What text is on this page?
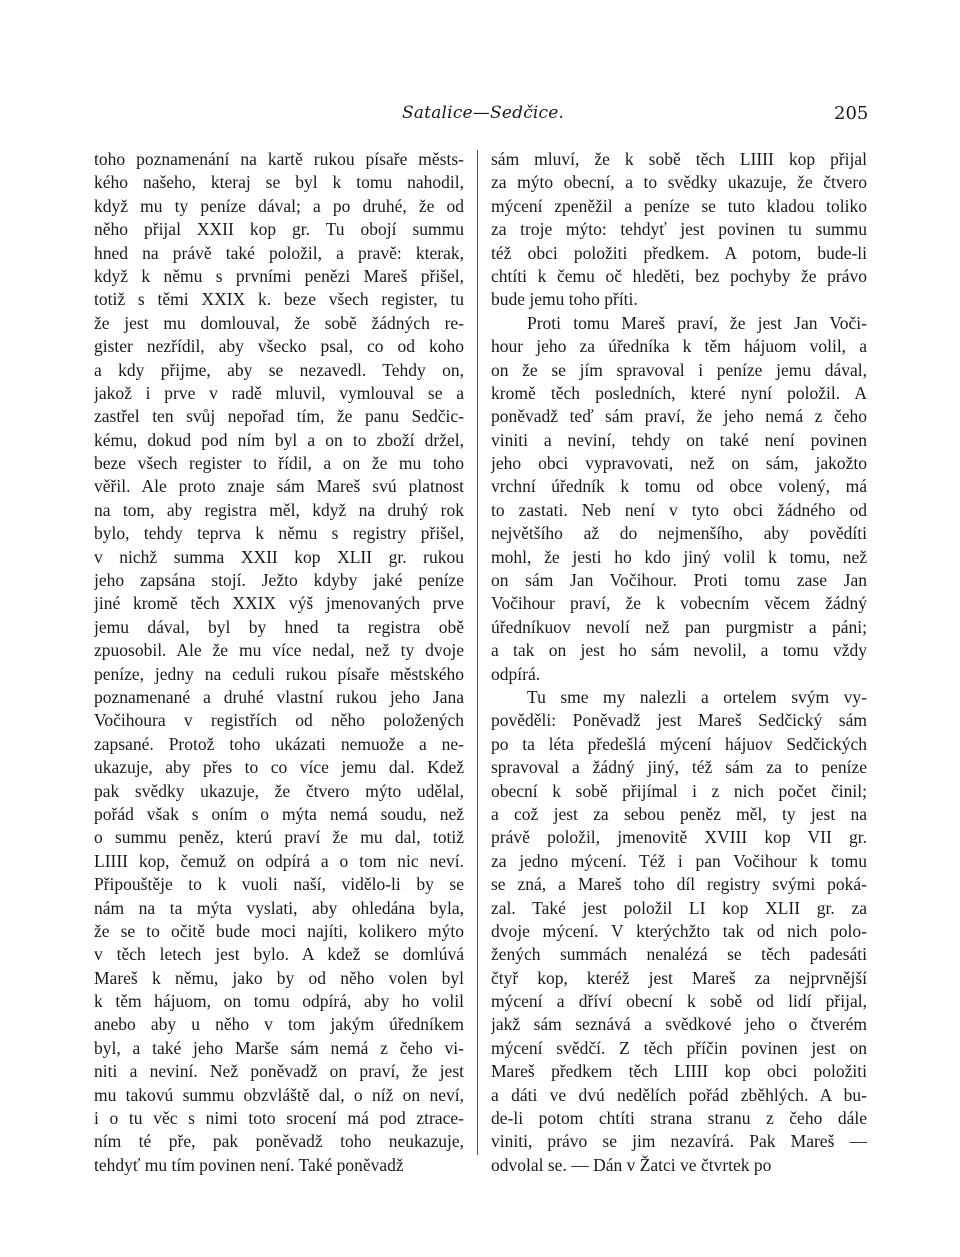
Satalice—Sedčice.	205
toho poznamenání na kartě rukou písaře městs-
kého našeho, kteraj se byl k tomu nahodil,
když mu ty peníze dával; a po druhé, že od
něho přijal XXII kop gr. Tu obojí summu
hned na právě také položil, a pravě: kterak,
když k němu s prvními penězi Mareš přišel,
totiž s těmi XXIX k. beze všech register, tu
že jest mu domlouval, že sobě žádných re-
gister nezřídil, aby všecko psal, co od koho
a kdy přijme, aby se nezavedl. Tehdy on,
jakož i prve v radě mluvil, vymlouval se a
zastřel ten svůj nepořad tím, že panu Sedčic-
kému, dokud pod ním byl a on to zboží držel,
beze všech register to řídil, a on že mu toho
věřil. Ale proto znaje sám Mareš svú platnost
na tom, aby registra měl, když na druhý rok
bylo, tehdy teprva k němu s registry přišel,
v nichž summa XXII kop XLII gr. rukou
jeho zapsána stojí. Ježto kdyby jaké peníze
jiné kromě těch XXIX výš jmenovaných prve
jemu dával, byl by hned ta registra obě
zpuosobil. Ale že mu více nedal, než ty dvoje
peníze, jedny na ceduli rukou písaře městského
poznamenané a druhé vlastní rukou jeho Jana
Vočihoura v registřích od něho položených
zapsané. Protož toho ukázati nemuože a ne-
ukazuje, aby přes to co více jemu dal. Kdež
pak svědky ukazuje, že čtvero mýto udělal,
pořád však s oním o mýta nemá soudu, než
o summu peněz, kterú praví že mu dal, totiž
LIIII kop, čemuž on odpírá a o tom nic neví.
Připouštěje to k vuoli naší, vidělo-li by se
nám na ta mýta vyslati, aby ohledána byla,
že se to očitě bude moci najíti, kolikero mýto
v těch letech jest bylo. A kdež se domlúvá
Mareš k němu, jako by od něho volen byl
k těm hájuom, on tomu odpírá, aby ho volil
anebo aby u něho v tom jakým úředníkem
byl, a také jeho Marše sám nemá z čeho vi-
niti a neviní. Než poněvadž on praví, že jest
mu takovú summu obzvláště dal, o níž on neví,
i o tu věc s nimi toto srocení má pod ztrace-
ním té pře, pak poněvadž toho neukazuje,
tehdyť mu tím povinen není. Také poněvadž
sám mluví, že k sobě těch LIIII kop přijal
za mýto obecní, a to svědky ukazuje, že čtvero
mýcení zpeněžil a peníze se tuto kladou toliko
za troje mýto: tehdyť jest povinen tu summu
též obci položiti předkem. A potom, bude-li
chtíti k čemu oč hleděti, bez pochyby že právo
bude jemu toho příti.
Proti tomu Mareš praví, že jest Jan Voči-
hour jeho za úředníka k těm hájuom volil, a
on že se jím spravoval i peníze jemu dával,
kromě těch posledních, které nyní položil. A
poněvadž teď sám praví, že jeho nemá z čeho
viniti a neviní, tehdy on také není povinen
jeho obci vypravovati, než on sám, jakožto
vrchní úředník k tomu od obce volený, má
to zastati. Neb není v tyto obci žádného od
největšího až do nejmenšího, aby povědíti
mohl, že jesti ho kdo jiný volil k tomu, než
on sám Jan Vočihour. Proti tomu zase Jan
Vočihour praví, že k vobecním věcem žádný
úředníkuov nevolí než pan purgmistr a páni;
a tak on jest ho sám nevolil, a tomu vždy
odpírá.
Tu sme my nalezli a ortelem svým vy-
pověděli: Poněvadž jest Mareš Sedčický sám
po ta léta předešlá mýcení hájuov Sedčických
spravoval a žádný jiný, též sám za to peníze
obecní k sobě přijímal i z nich počet činil;
a což jest za sebou peněz měl, ty jest na
právě položil, jmenovitě XVIII kop VII gr.
za jedno mýcení. Též i pan Vočihour k tomu
se zná, a Mareš toho díl registry svými poká-
zal. Také jest položil LI kop XLII gr. za
dvoje mýcení. V kterýchžto tak od nich polo-
žených summách nenalézá se těch padesáti
čtyř kop, kteréž jest Mareš za nejprvnější
mýcení a dříví obecní k sobě od lidí přijal,
jakž sám seznává a svědkové jeho o čtverém
mýcení svědčí. Z těch příčin povinen jest on
Mareš předkem těch LIIII kop obci položiti
a dáti ve dvú nedělích pořád zběhlých. A bu-
de-li potom chtíti strana stranu z čeho dále
viniti, právo se jim nezavírá. Pak Mareš —
odvolal se. — Dán v Žatci ve čtvrtek po
